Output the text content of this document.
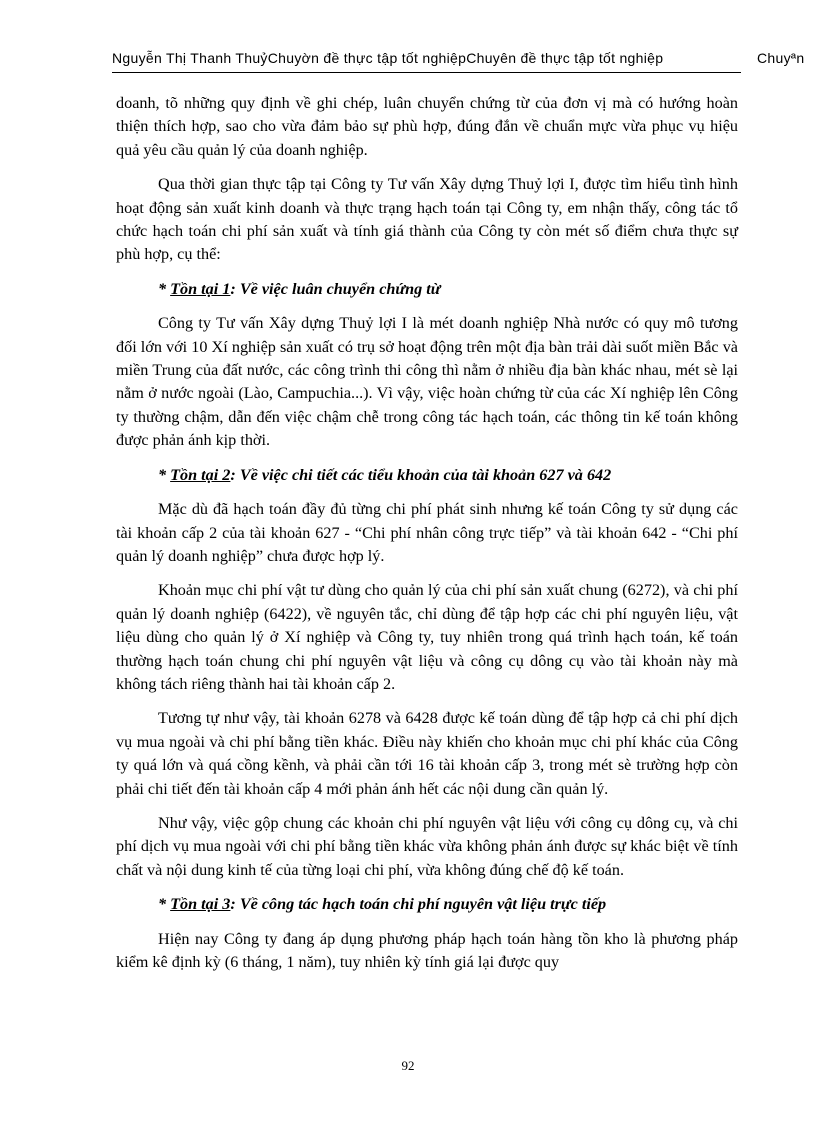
Nguyễn Thị Thanh ThuỷChuyờn đề thực tập tốt nghiệpChuyên đề thực tập tốt nghiệp	Chuyªn

doanh, tõ những quy định về ghi chép, luân chuyển chứng từ của đơn vị mà có hướng hoàn thiện thích hợp, sao cho vừa đảm bảo sự phù hợp, đúng đắn về chuẩn mực vừa phục vụ hiệu quả yêu cầu quản lý của doanh nghiệp.

Qua thời gian thực tập tại Công ty Tư vấn Xây dựng Thuỷ lợi I, được tìm hiểu tình hình hoạt động sản xuất kinh doanh và thực trạng hạch toán tại Công ty, em nhận thấy, công tác tổ chức hạch toán chi phí sản xuất và tính giá thành của Công ty còn mét số điểm chưa thực sự phù hợp, cụ thể:

* Tồn tại 1: Về việc luân chuyển chứng từ

Công ty Tư vấn Xây dựng Thuỷ lợi I là mét doanh nghiệp Nhà nước có quy mô tương đối lớn với 10 Xí nghiệp sản xuất có trụ sở hoạt động trên một địa bàn trải dài suốt miền Bắc và miền Trung của đất nước, các công trình thi công thì nằm ở nhiều địa bàn khác nhau, mét sè lại nằm ở nước ngoài (Lào, Campuchia...). Vì vậy, việc hoàn chứng từ của các Xí nghiệp lên Công ty thường chậm, dẫn đến việc chậm chễ trong công tác hạch toán, các thông tin kế toán không được phản ánh kịp thời.

* Tồn tại 2: Về việc chi tiết các tiểu khoản của tài khoản 627 và 642

Mặc dù đã hạch toán đầy đủ từng chi phí phát sinh nhưng kế toán Công ty sử dụng các tài khoản cấp 2 của tài khoản 627 - “Chi phí nhân công trực tiếp” và tài khoản 642 - “Chi phí quản lý doanh nghiệp” chưa được hợp lý.

Khoản mục chi phí vật tư dùng cho quản lý của chi phí sản xuất chung (6272), và chi phí quản lý doanh nghiệp (6422), về nguyên tắc, chỉ dùng để tập hợp các chi phí nguyên liệu, vật liệu dùng cho quản lý ở Xí nghiệp và Công ty, tuy nhiên trong quá trình hạch toán, kế toán thường hạch toán chung chi phí nguyên vật liệu và công cụ dông cụ vào tài khoản này mà không tách riêng thành hai tài khoản cấp 2.

Tương tự như vậy, tài khoản 6278 và 6428 được kế toán dùng để tập hợp cả chi phí dịch vụ mua ngoài và chi phí bằng tiền khác. Điều này khiến cho khoản mục chi phí khác của Công ty quá lớn và quá cồng kềnh, và phải cần tới 16 tài khoản cấp 3, trong mét sè trường hợp còn phải chi tiết đến tài khoản cấp 4 mới phản ánh hết các nội dung cần quản lý.

Như vậy, việc gộp chung các khoản chi phí nguyên vật liệu với công cụ dông cụ, và chi phí dịch vụ mua ngoài với chi phí bằng tiền khác vừa không phản ánh được sự khác biệt về tính chất và nội dung kinh tế của từng loại chi phí, vừa không đúng chế độ kế toán.

* Tồn tại 3: Về công tác hạch toán chi phí nguyên vật liệu trực tiếp

Hiện nay Công ty đang áp dụng phương pháp hạch toán hàng tồn kho là phương pháp kiểm kê định kỳ (6 tháng, 1 năm), tuy nhiên kỳ tính giá lại được quy

92
